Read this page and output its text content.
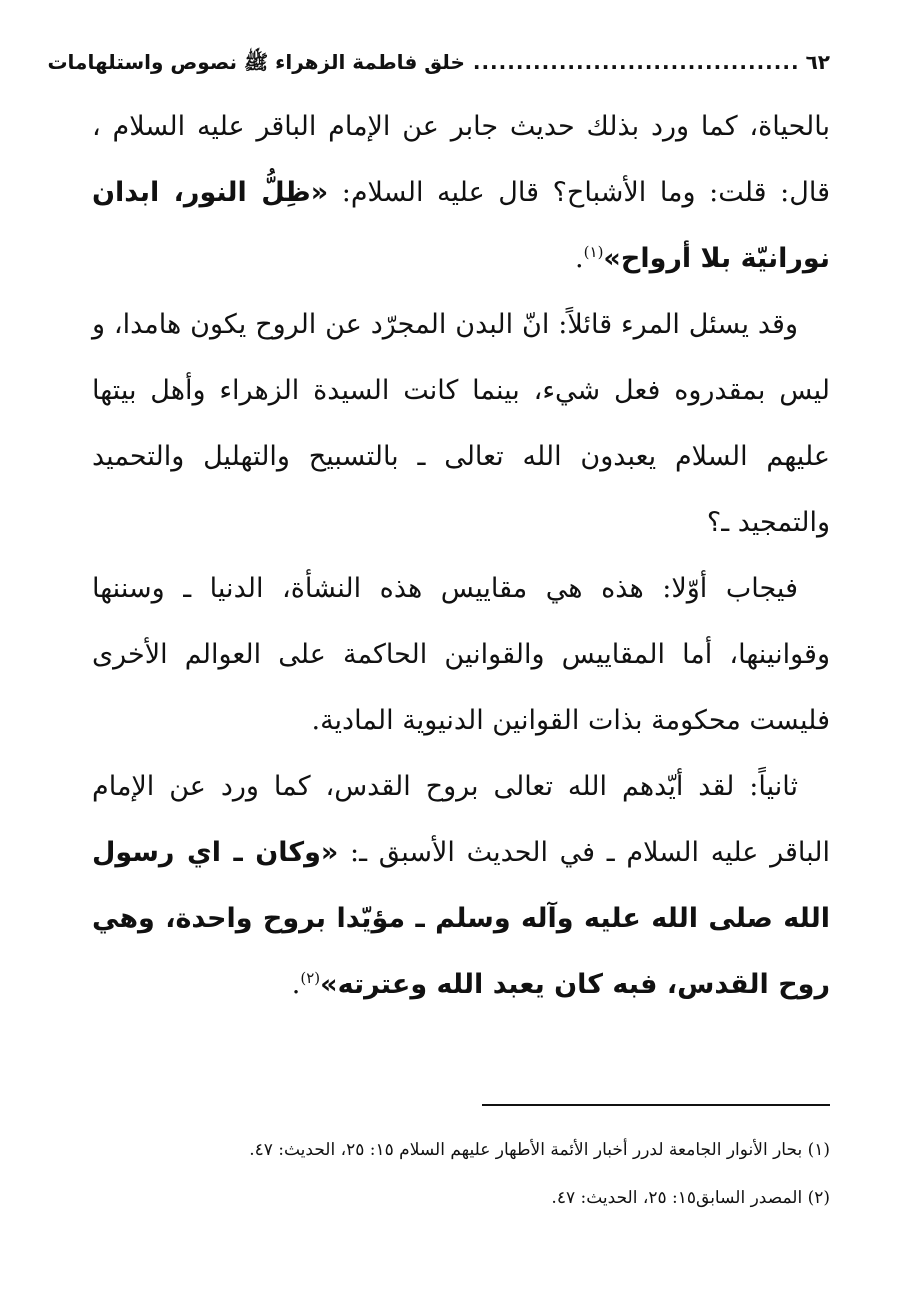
٦٢
......................................
خلق فاطمة الزهراء ﷺ نصوص واستلهامات

بالحياة، كما ورد بذلك حديث جابر عن الإمام الباقر عليه السلام ، قال: قلت: وما الأشباح؟ قال عليه السلام: «ظِلُّ النور، ابدان نورانيّة بلا أرواح»$^{(١)}$.

وقد يسئل المرء قائلاً: انّ البدن المجرّد عن الروح يكون هامدا، و ليس بمقدروه فعل شيء، بينما كانت السيدة الزهراء وأهل بيتها عليهم السلام يعبدون الله تعالى ـ بالتسبيح والتهليل والتحميد والتمجيد ـ؟

فيجاب أوّلا: هذه هي مقاييس هذه النشأة، الدنيا ـ وسننها وقوانينها، أما المقاييس والقوانين الحاكمة على العوالم الأخرى فليست محكومة بذات القوانين الدنيوية المادية.

ثانياً: لقد أيّدهم الله تعالى بروح القدس، كما ورد عن الإمام الباقر عليه السلام ـ في الحديث الأسبق ـ: «وكان ـ اي رسول الله صلى الله عليه وآله وسلم ـ مؤيّدا بروح واحدة، وهي روح القدس، فبه كان يعبد الله وعترته»$^{(٢)}$.

(١) بحار الأنوار الجامعة لدرر أخبار الأئمة الأطهار عليهم السلام ١٥: ٢٥، الحديث: ٤٧.

(٢) المصدر السابق١٥: ٢٥، الحديث: ٤٧.
